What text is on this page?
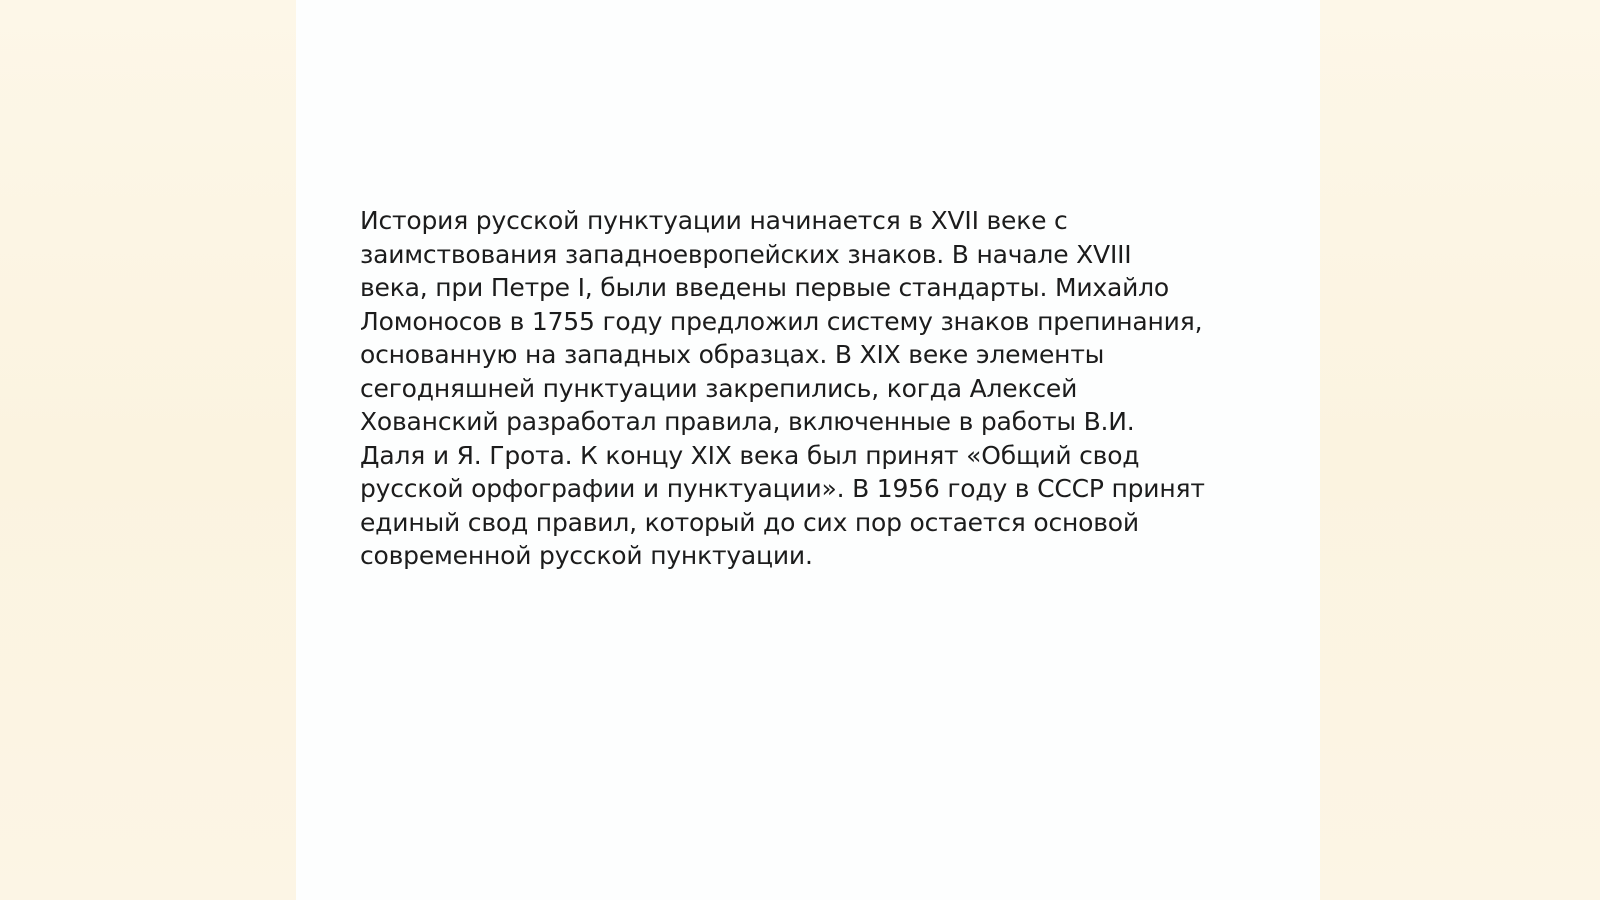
История русской пунктуации начинается в XVII веке с
заимствования западноевропейских знаков. В начале XVIII
века, при Петре I, были введены первые стандарты. Михайло
Ломоносов в 1755 году предложил систему знаков препинания,
основанную на западных образцах. В XIX веке элементы
сегодняшней пунктуации закрепились, когда Алексей
Хованский разработал правила, включенные в работы В.И.
Даля и Я. Грота. К концу XIX века был принят «Общий свод
русской орфографии и пунктуации». В 1956 году в СССР принят
единый свод правил, который до сих пор остается основой
современной русской пунктуации.
